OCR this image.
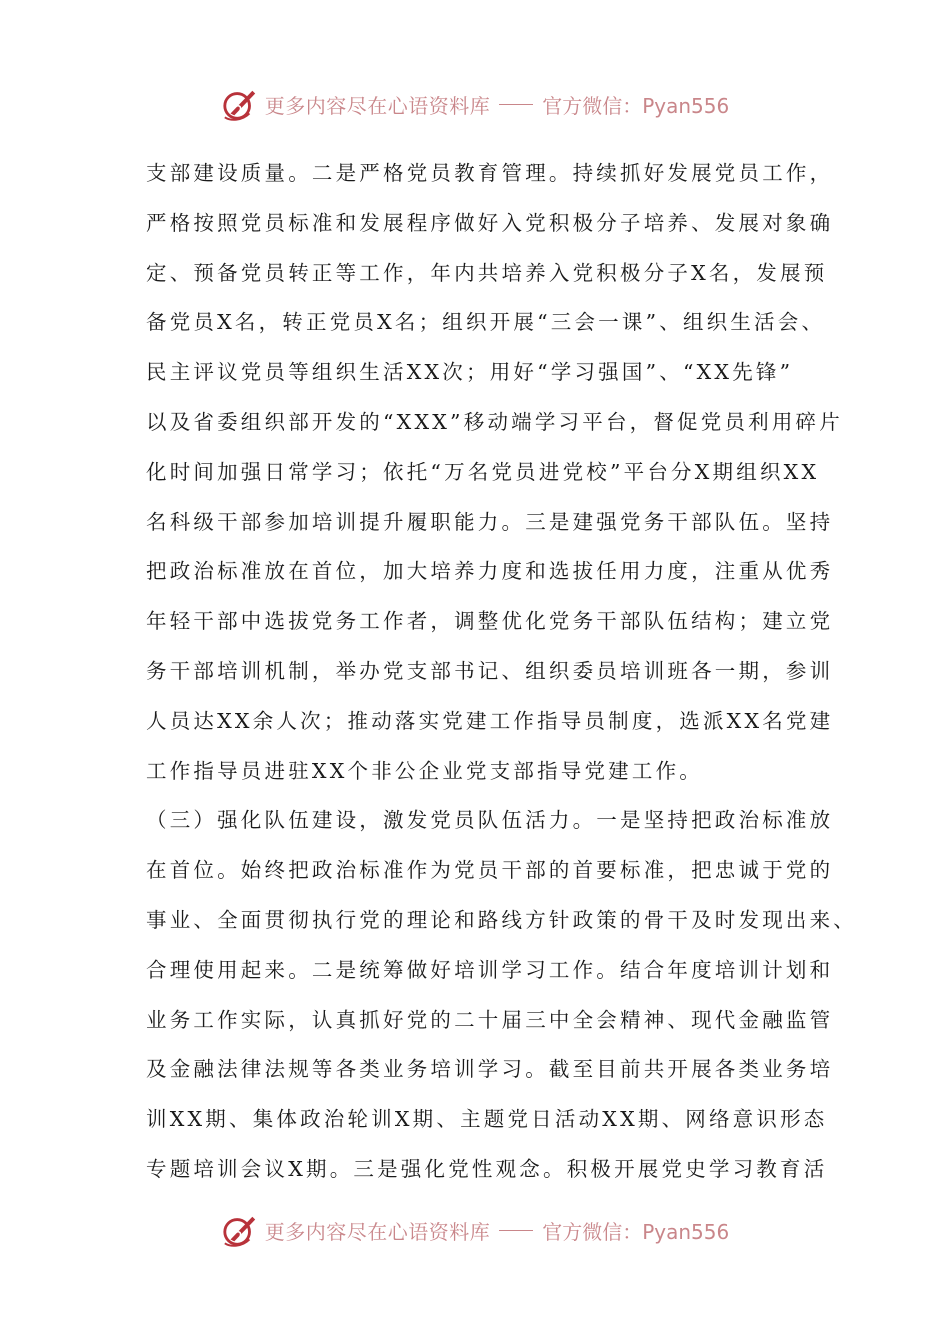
更多内容尽在心语资料库	官方微信：Pyan556
支部建设质量。二是严格党员教育管理。持续抓好发展党员工作，
严格按照党员标准和发展程序做好入党积极分子培养、发展对象确
定、预备党员转正等工作，年内共培养入党积极分子X名，发展预
备党员X名，转正党员X名；组织开展“三会一课”、组织生活会、
民主评议党员等组织生活XX次；用好“学习强国”、“XX先锋”
以及省委组织部开发的“XXX”移动端学习平台，督促党员利用碎片
化时间加强日常学习；依托“万名党员进党校”平台分X期组织XX
名科级干部参加培训提升履职能力。三是建强党务干部队伍。坚持
把政治标准放在首位，加大培养力度和选拔任用力度，注重从优秀
年轻干部中选拔党务工作者，调整优化党务干部队伍结构；建立党
务干部培训机制，举办党支部书记、组织委员培训班各一期，参训
人员达XX余人次；推动落实党建工作指导员制度，选派XX名党建
工作指导员进驻XX个非公企业党支部指导党建工作。
（三）强化队伍建设，激发党员队伍活力。一是坚持把政治标准放
在首位。始终把政治标准作为党员干部的首要标准，把忠诚于党的
事业、全面贯彻执行党的理论和路线方针政策的骨干及时发现出来、
合理使用起来。二是统筹做好培训学习工作。结合年度培训计划和
业务工作实际，认真抓好党的二十届三中全会精神、现代金融监管
及金融法律法规等各类业务培训学习。截至目前共开展各类业务培
训XX期、集体政治轮训X期、主题党日活动XX期、网络意识形态
专题培训会议X期。三是强化党性观念。积极开展党史学习教育活
更多内容尽在心语资料库	官方微信：Pyan556
